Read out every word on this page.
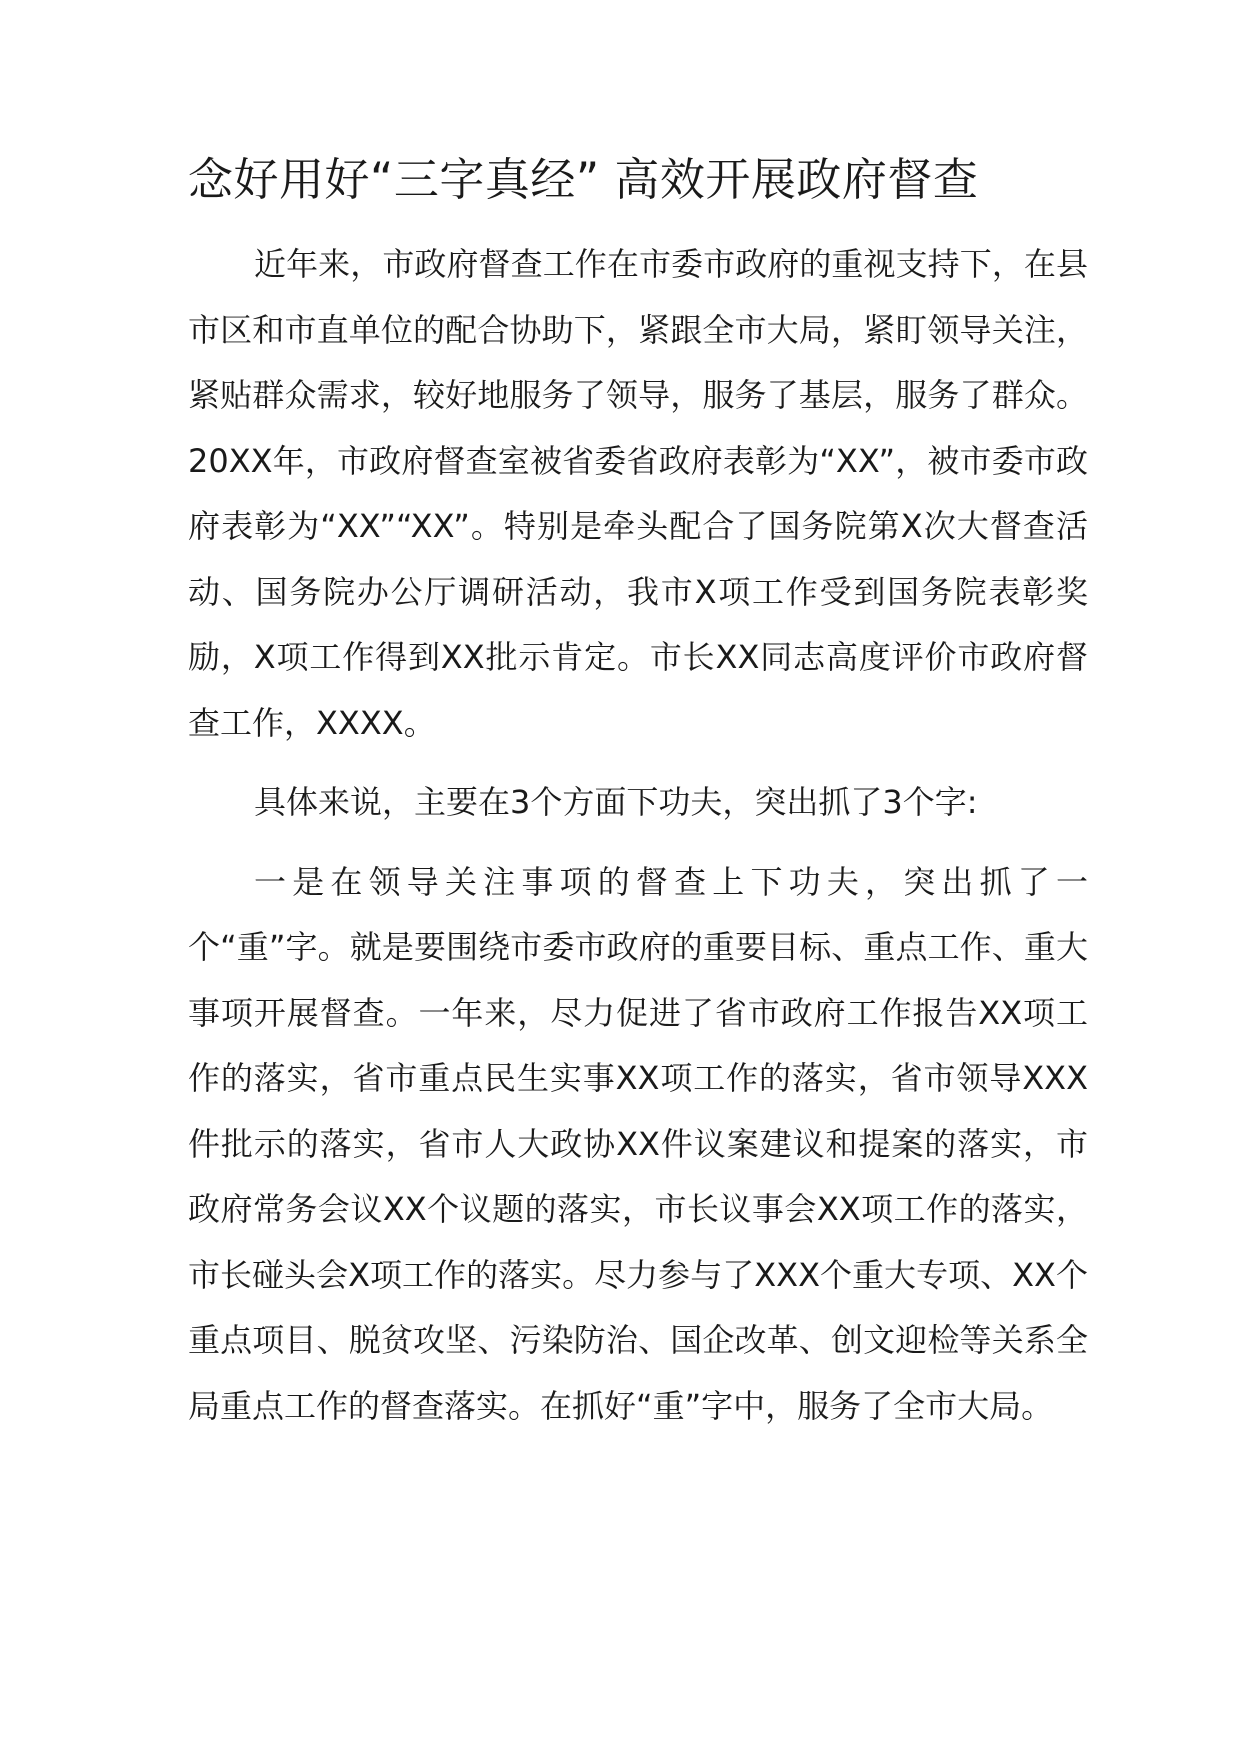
念好用好“三字真经” 高效开展政府督查

近年来，市政府督查工作在市委市政府的重视支持下，在县市区和市直单位的配合协助下，紧跟全市大局，紧盯领导关注，紧贴群众需求，较好地服务了领导，服务了基层，服务了群众。20XX年，市政府督查室被省委省政府表彰为“XX”，被市委市政府表彰为“XX”“XX”。特别是牵头配合了国务院第X次大督查活动、国务院办公厅调研活动，我市X项工作受到国务院表彰奖励，X项工作得到XX批示肯定。市长XX同志高度评价市政府督查工作，XXXX。

具体来说，主要在3个方面下功夫，突出抓了3个字:

一是在领导关注事项的督查上下功夫，突出抓了一个“重”字。就是要围绕市委市政府的重要目标、重点工作、重大事项开展督查。一年来，尽力促进了省市政府工作报告XX项工作的落实，省市重点民生实事XX项工作的落实，省市领导XXX件批示的落实，省市人大政协XX件议案建议和提案的落实，市政府常务会议XX个议题的落实，市长议事会XX项工作的落实，市长碰头会X项工作的落实。尽力参与了XXX个重大专项、XX个重点项目、脱贫攻坚、污染防治、国企改革、创文迎检等关系全局重点工作的督查落实。在抓好“重”字中，服务了全市大局。
